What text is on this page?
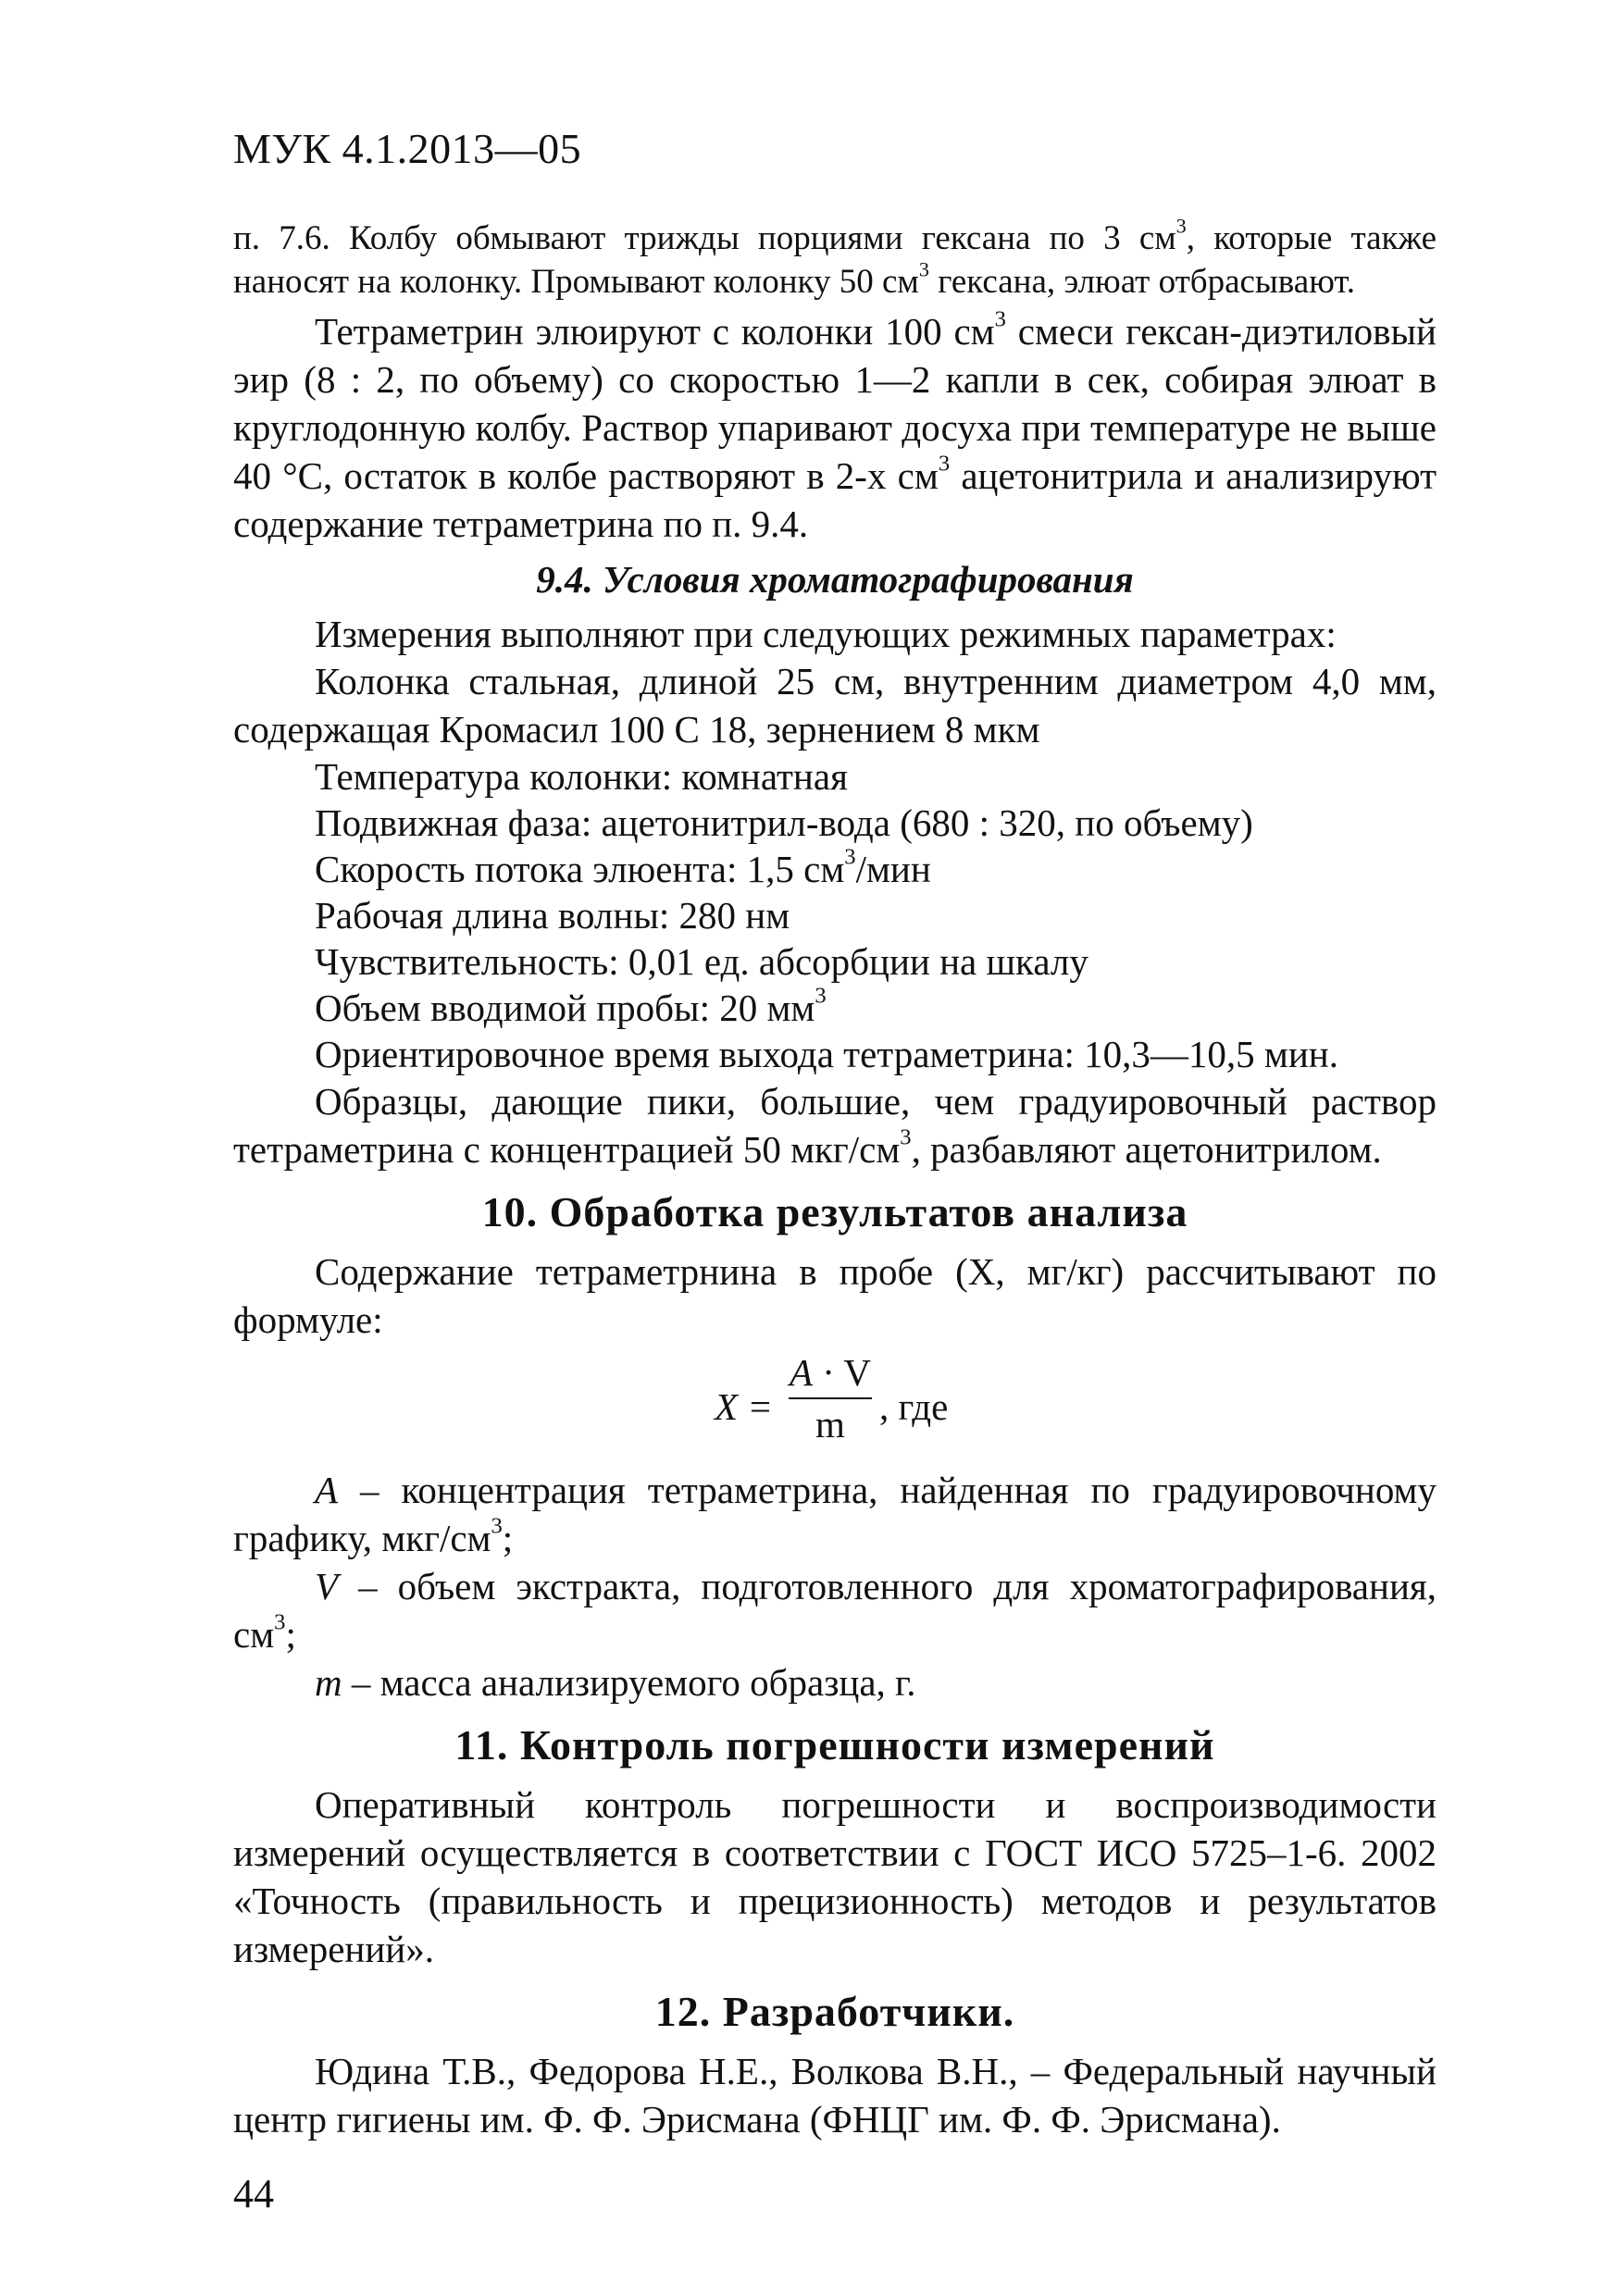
МУК 4.1.2013—05

п. 7.6. Колбу обмывают трижды порциями гексана по 3 $см^3$, которые также наносят на колонку. Промывают колонку 50 $см^3$ гексана, элюат отбрасывают.

Тетраметрин элюируют с колонки 100 $см^3$ смеси гексан-диэтиловый эир (8 : 2, по объему) со скоростью 1—2 капли в сек, собирая элюат в круглодонную колбу. Раствор упаривают досуха при температуре не выше 40 °С, остаток в колбе растворяют в 2-х $см^3$ ацетонитрила и анализируют содержание тетраметрина по п. 9.4.

9.4. Условия хроматографирования

Измерения выполняют при следующих режимных параметрах:

Колонка стальная, длиной 25 см, внутренним диаметром 4,0 мм, содержащая Кромасил 100 С 18, зернением 8 мкм

Температура колонки: комнатная

Подвижная фаза: ацетонитрил-вода (680 : 320, по объему)

Скорость потока элюента: 1,5 $см^3$/мин

Рабочая длина волны: 280 нм

Чувствительность: 0,01 ед. абсорбции на шкалу

Объем вводимой пробы: 20 $мм^3$

Ориентировочное время выхода тетраметрина: 10,3—10,5 мин.

Образцы, дающие пики, большие, чем градуировочный раствор тетраметрина с концентрацией 50 мкг/$см^3$, разбавляют ацетонитрилом.

10. Обработка результатов анализа

Содержание тетраметрнина в пробе (X, мг/кг) рассчитывают по формуле:

X =
A · V
m , где

А – концентрация тетраметрина, найденная по градуировочному графику, мкг/$см^3$;

V – объем экстракта, подготовленного для хроматографирования, $см^3$;

т – масса анализируемого образца, г.

11. Контроль погрешности измерений

Оперативный контроль погрешности и воспроизводимости измерений осуществляется в соответствии с ГОСТ ИСО 5725–1-6. 2002 «Точность (правильность и прецизионность) методов и результатов измерений».

12. Разработчики.

Юдина Т.В., Федорова Н.Е., Волкова В.Н., – Федеральный научный центр гигиены им. Ф. Ф. Эрисмана (ФНЦГ им. Ф. Ф. Эрисмана).

44
